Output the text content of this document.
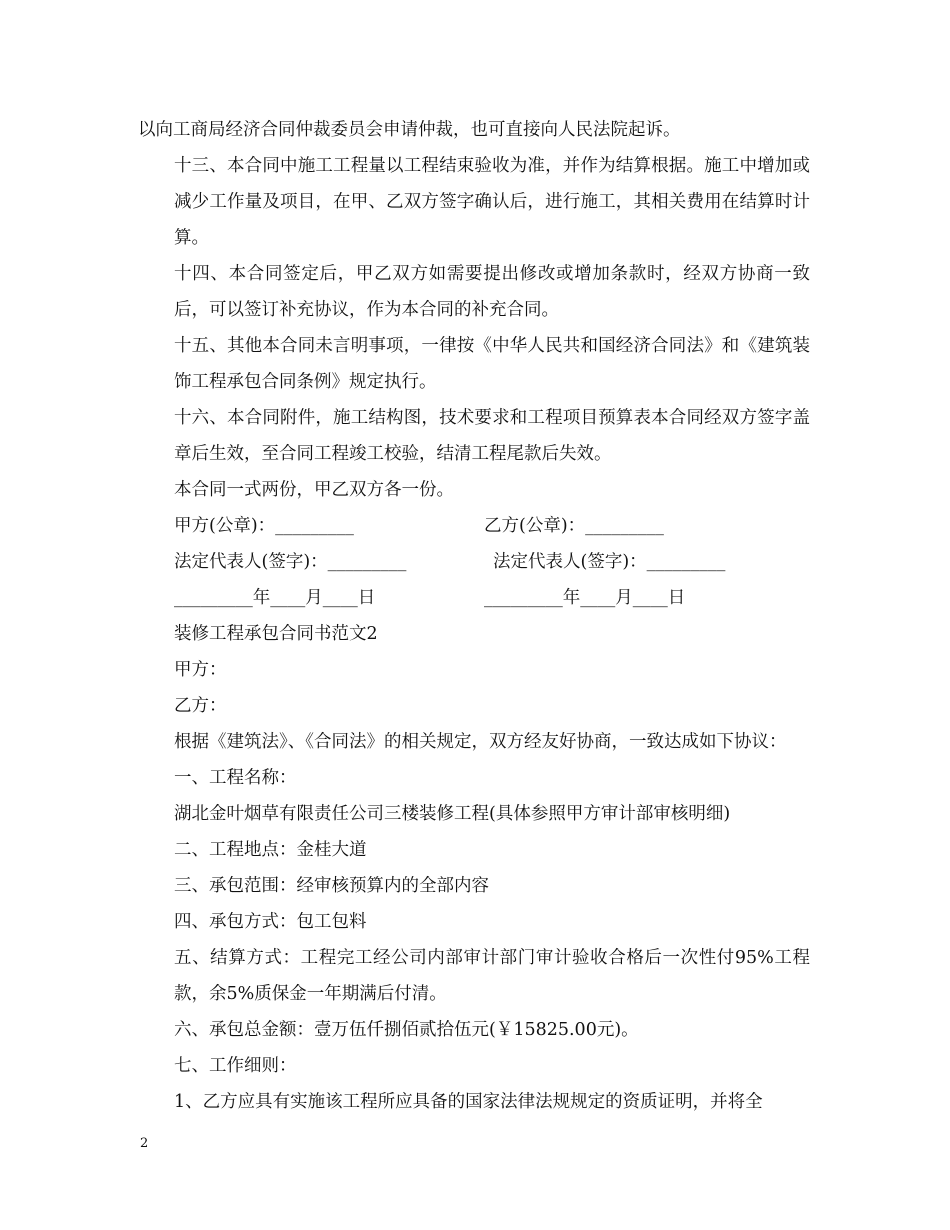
以向工商局经济合同仲裁委员会申请仲裁，也可直接向人民法院起诉。

十三、本合同中施工工程量以工程结束验收为准，并作为结算根据。施工中增加或减少工作量及项目，在甲、乙双方签字确认后，进行施工，其相关费用在结算时计算。

十四、本合同签定后，甲乙双方如需要提出修改或增加条款时，经双方协商一致后，可以签订补充协议，作为本合同的补充合同。

十五、其他本合同未言明事项，一律按《中华人民共和国经济合同法》和《建筑装饰工程承包合同条例》规定执行。

十六、本合同附件，施工结构图，技术要求和工程项目预算表本合同经双方签字盖章后生效，至合同工程竣工校验，结清工程尾款后失效。

本合同一式两份，甲乙双方各一份。

甲方(公章)：_________	乙方(公章)：_________
法定代表人(签字)：_________	法定代表人(签字)：_________
_________年____月____日	_________年____月____日

装修工程承包合同书范文2

甲方：

乙方：

根据《建筑法》、《合同法》的相关规定，双方经友好协商，一致达成如下协议：

一、工程名称：

湖北金叶烟草有限责任公司三楼装修工程(具体参照甲方审计部审核明细)

二、工程地点：金桂大道

三、承包范围：经审核预算内的全部内容

四、承包方式：包工包料

五、结算方式：工程完工经公司内部审计部门审计验收合格后一次性付95%工程款，余5%质保金一年期满后付清。

六、承包总金额：壹万伍仟捌佰贰拾伍元(￥15825.00元)。

七、工作细则：

1、乙方应具有实施该工程所应具备的国家法律法规规定的资质证明，并将全

2
